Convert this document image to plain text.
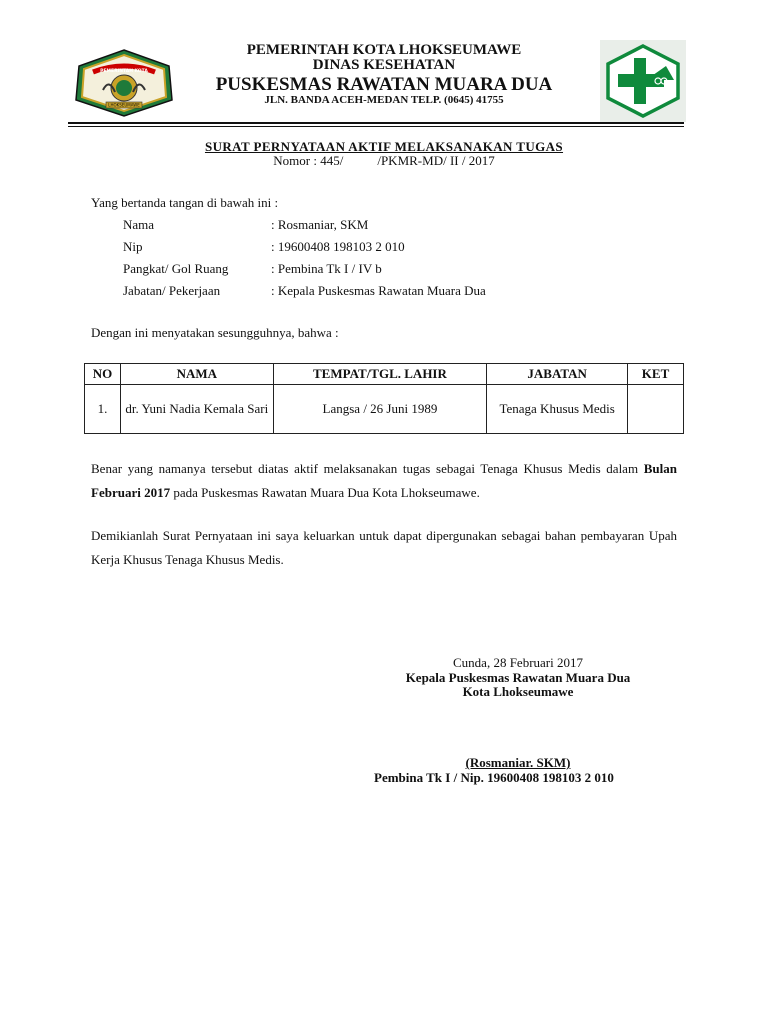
PEMERINTAH KOTA
LHOKSEUMAWE
PEMERINTAH KOTA LHOKSEUMAWE
DINAS KESEHATAN
PUSKESMAS RAWATAN MUARA DUA
JLN. BANDA ACEH-MEDAN TELP. (0645) 41755
SURAT PERNYATAAN AKTIF MELAKSANAKAN TUGAS
Nomor : 445/	/PKMR-MD/ II / 2017
Yang bertanda tangan di bawah ini :
Nama	: Rosmaniar, SKM
Nip	: 19600408 198103 2 010
Pangkat/ Gol Ruang	: Pembina Tk I / IV b
Jabatan/ Pekerjaan	: Kepala Puskesmas Rawatan Muara Dua
Dengan ini menyatakan sesungguhnya, bahwa :
NO	NAMA	TEMPAT/TGL. LAHIR	JABATAN	KET
1.	dr. Yuni Nadia Kemala Sari	Langsa / 26 Juni 1989	Tenaga Khusus Medis	
Benar yang namanya tersebut diatas aktif melaksanakan tugas sebagai Tenaga Khusus Medis dalam Bulan Februari 2017 pada Puskesmas Rawatan Muara Dua Kota Lhokseumawe.
Demikianlah Surat Pernyataan ini saya keluarkan untuk dapat dipergunakan sebagai bahan pembayaran Upah Kerja Khusus Tenaga Khusus Medis.
Cunda, 28 Februari 2017
Kepala Puskesmas Rawatan Muara Dua
Kota Lhokseumawe
(Rosmaniar. SKM)
Pembina Tk I / Nip. 19600408 198103 2 010
